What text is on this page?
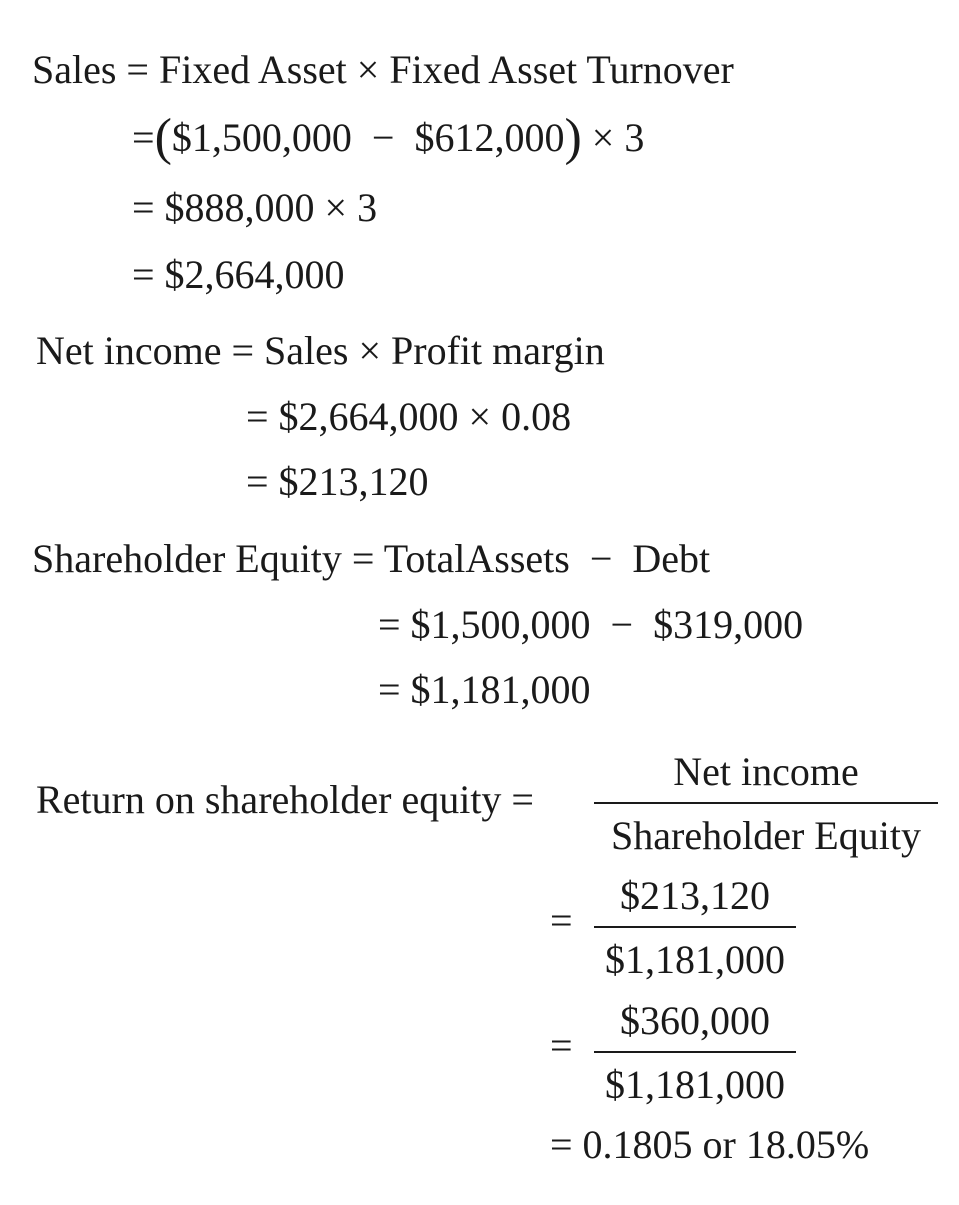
Sales = Fixed Asset × Fixed Asset Turnover
=($1,500,000  −  $612,000) × 3
= $888,000 × 3
= $2,664,000
Net income = Sales × Profit margin
= $2,664,000 × 0.08
= $213,120
Shareholder Equity = TotalAssets  −  Debt
= $1,500,000  −  $319,000
= $1,181,000
Return on shareholder equity =
Net income
Shareholder Equity
=
$213,120
$1,181,000
=
$360,000
$1,181,000
= 0.1805 or 18.05%
